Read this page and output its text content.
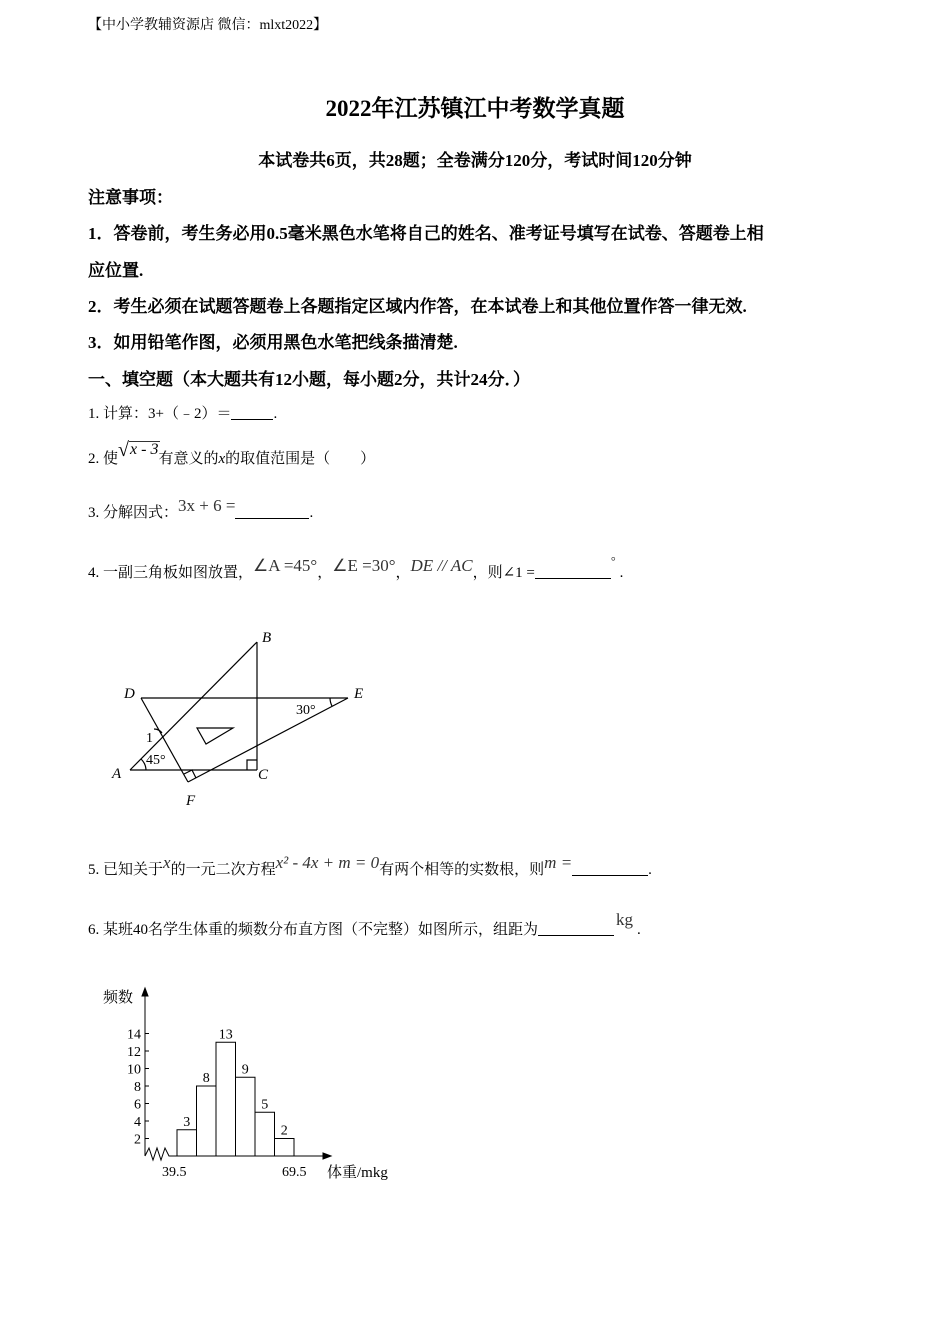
【中小学教辅资源店 微信：mlxt2022】
2022年江苏镇江中考数学真题
本试卷共6页，共28题；全卷满分120分，考试时间120分钟
注意事项：
1．答卷前，考生务必用0.5毫米黑色水笔将自己的姓名、准考证号填写在试卷、答题卷上相
应位置.
2．考生必须在试题答题卷上各题指定区域内作答，在本试卷上和其他位置作答一律无效.
3．如用铅笔作图，必须用黑色水笔把线条描清楚.
一、填空题（本大题共有12小题，每小题2分，共计24分．）
1. 计算：3+（﹣2）＝	.
2. 使 √ x - 3有意义的x的取值范围是（　　）
3. 分解因式：3x + 6 =	.
4. 一副三角板如图放置，∠A =45°，∠E =30°，DE // AC，则∠1 =°.
B
D	E
A	C
F
1
45°
30°
5. 已知关于x的一元二次方程x² - 4x + m = 0有两个相等的实数根，则m =	.
6. 某班40名学生体重的频数分布直方图（不完整）如图所示，组距为kg.
频数
体重/mkg
39.5	69.5
2
4
6
8
10
12
14
3
8
13
9
5
2
